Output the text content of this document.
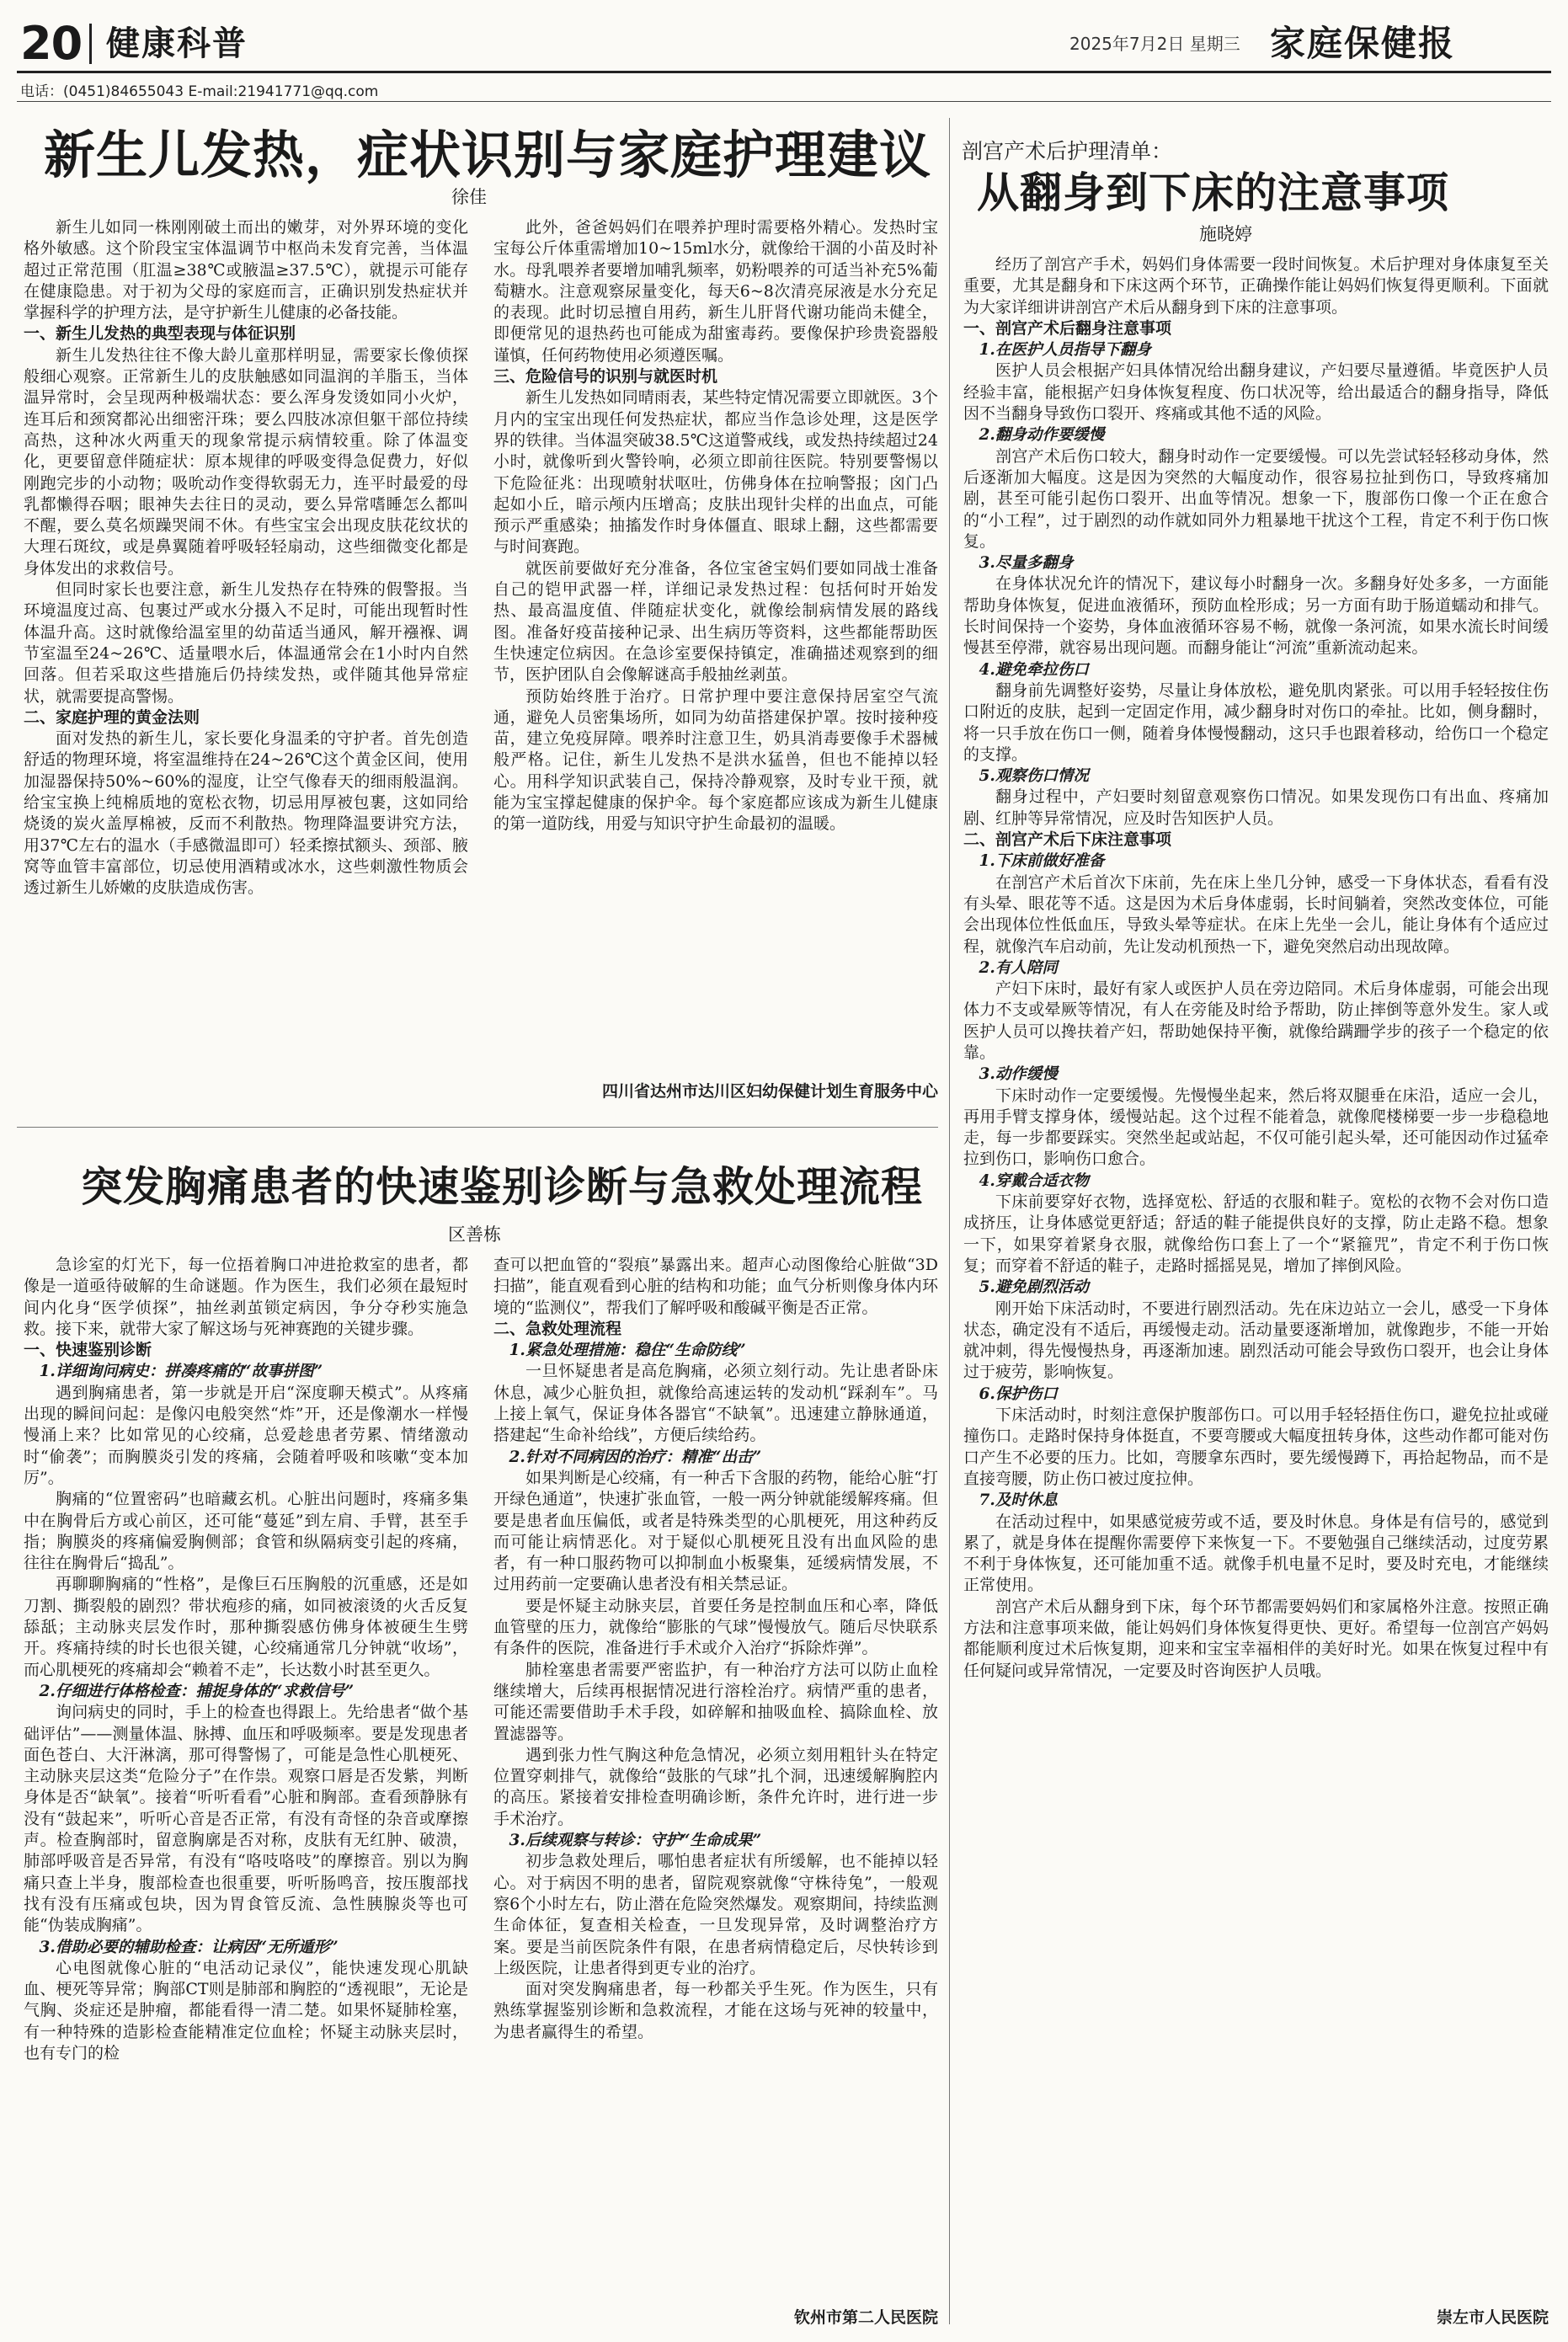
20 健康科普	2025年7月2日 星期三 家庭保健报
电话：(0451)84655043 E-mail:21941771@qq.com
新生儿发热，症状识别与家庭护理建议
徐佳

新生儿如同一株刚刚破土而出的嫩芽，对外界环境的变化格外敏感。这个阶段宝宝体温调节中枢尚未发育完善，当体温超过正常范围（肛温≥38℃或腋温≥37.5℃），就提示可能存在健康隐患。对于初为父母的家庭而言，正确识别发热症状并掌握科学的护理方法，是守护新生儿健康的必备技能。

一、新生儿发热的典型表现与体征识别

新生儿发热往往不像大龄儿童那样明显，需要家长像侦探般细心观察。正常新生儿的皮肤触感如同温润的羊脂玉，当体温异常时，会呈现两种极端状态：要么浑身发烫如同小火炉，连耳后和颈窝都沁出细密汗珠；要么四肢冰凉但躯干部位持续高热，这种冰火两重天的现象常提示病情较重。除了体温变化，更要留意伴随症状：原本规律的呼吸变得急促费力，好似刚跑完步的小动物；吸吮动作变得软弱无力，连平时最爱的母乳都懒得吞咽；眼神失去往日的灵动，要么异常嗜睡怎么都叫不醒，要么莫名烦躁哭闹不休。有些宝宝会出现皮肤花纹状的大理石斑纹，或是鼻翼随着呼吸轻轻扇动，这些细微变化都是身体发出的求救信号。

但同时家长也要注意，新生儿发热存在特殊的假警报。当环境温度过高、包裹过严或水分摄入不足时，可能出现暂时性体温升高。这时就像给温室里的幼苗适当通风，解开襁褓、调节室温至24~26℃、适量喂水后，体温通常会在1小时内自然回落。但若采取这些措施后仍持续发热，或伴随其他异常症状，就需要提高警惕。

二、家庭护理的黄金法则

面对发热的新生儿，家长要化身温柔的守护者。首先创造舒适的物理环境，将室温维持在24~26℃这个黄金区间，使用加湿器保持50%~60%的湿度，让空气像春天的细雨般温润。给宝宝换上纯棉质地的宽松衣物，切忌用厚被包裹，这如同给烧烫的炭火盖厚棉被，反而不利散热。物理降温要讲究方法，用37℃左右的温水（手感微温即可）轻柔擦拭额头、颈部、腋窝等血管丰富部位，切忌使用酒精或冰水，这些刺激性物质会透过新生儿娇嫩的皮肤造成伤害。

此外，爸爸妈妈们在喂养护理时需要格外精心。发热时宝宝每公斤体重需增加10~15ml水分，就像给干涸的小苗及时补水。母乳喂养者要增加哺乳频率，奶粉喂养的可适当补充5%葡萄糖水。注意观察尿量变化，每天6~8次清亮尿液是水分充足的表现。此时切忌擅自用药，新生儿肝肾代谢功能尚未健全，即便常见的退热药也可能成为甜蜜毒药。要像保护珍贵瓷器般谨慎，任何药物使用必须遵医嘱。

三、危险信号的识别与就医时机

新生儿发热如同晴雨表，某些特定情况需要立即就医。3个月内的宝宝出现任何发热症状，都应当作急诊处理，这是医学界的铁律。当体温突破38.5℃这道警戒线，或发热持续超过24小时，就像听到火警铃响，必须立即前往医院。特别要警惕以下危险征兆：出现喷射状呕吐，仿佛身体在拉响警报；囟门凸起如小丘，暗示颅内压增高；皮肤出现针尖样的出血点，可能预示严重感染；抽搐发作时身体僵直、眼球上翻，这些都需要与时间赛跑。

就医前要做好充分准备，各位宝爸宝妈们要如同战士准备自己的铠甲武器一样，详细记录发热过程：包括何时开始发热、最高温度值、伴随症状变化，就像绘制病情发展的路线图。准备好疫苗接种记录、出生病历等资料，这些都能帮助医生快速定位病因。在急诊室要保持镇定，准确描述观察到的细节，医护团队自会像解谜高手般抽丝剥茧。

预防始终胜于治疗。日常护理中要注意保持居室空气流通，避免人员密集场所，如同为幼苗搭建保护罩。按时接种疫苗，建立免疫屏障。喂养时注意卫生，奶具消毒要像手术器械般严格。记住，新生儿发热不是洪水猛兽，但也不能掉以轻心。用科学知识武装自己，保持冷静观察，及时专业干预，就能为宝宝撑起健康的保护伞。每个家庭都应该成为新生儿健康的第一道防线，用爱与知识守护生命最初的温暖。

四川省达州市达川区妇幼保健计划生育服务中心
突发胸痛患者的快速鉴别诊断与急救处理流程
区善栋

急诊室的灯光下，每一位捂着胸口冲进抢救室的患者，都像是一道亟待破解的生命谜题。作为医生，我们必须在最短时间内化身“医学侦探”，抽丝剥茧锁定病因，争分夺秒实施急救。接下来，就带大家了解这场与死神赛跑的关键步骤。

一、快速鉴别诊断
1.详细询问病史：拼凑疼痛的“故事拼图”

遇到胸痛患者，第一步就是开启“深度聊天模式”。从疼痛出现的瞬间问起：是像闪电般突然“炸”开，还是像潮水一样慢慢涌上来？比如常见的心绞痛，总爱趁患者劳累、情绪激动时“偷袭”；而胸膜炎引发的疼痛，会随着呼吸和咳嗽“变本加厉”。

胸痛的“位置密码”也暗藏玄机。心脏出问题时，疼痛多集中在胸骨后方或心前区，还可能“蔓延”到左肩、手臂，甚至手指；胸膜炎的疼痛偏爱胸侧部；食管和纵隔病变引起的疼痛，往往在胸骨后“捣乱”。

再聊聊胸痛的“性格”，是像巨石压胸般的沉重感，还是如刀割、撕裂般的剧烈？带状疱疹的痛，如同被滚烫的火舌反复舔舐；主动脉夹层发作时，那种撕裂感仿佛身体被硬生生劈开。疼痛持续的时长也很关键，心绞痛通常几分钟就“收场”，而心肌梗死的疼痛却会“赖着不走”，长达数小时甚至更久。

2.仔细进行体格检查：捕捉身体的“求救信号”

询问病史的同时，手上的检查也得跟上。先给患者“做个基础评估”——测量体温、脉搏、血压和呼吸频率。要是发现患者面色苍白、大汗淋漓，那可得警惕了，可能是急性心肌梗死、主动脉夹层这类“危险分子”在作祟。观察口唇是否发紫，判断身体是否“缺氧”。接着“听听看看”心脏和胸部。查看颈静脉有没有“鼓起来”，听听心音是否正常，有没有奇怪的杂音或摩擦声。检查胸部时，留意胸廓是否对称，皮肤有无红肿、破溃，肺部呼吸音是否异常，有没有“咯吱咯吱”的摩擦音。别以为胸痛只查上半身，腹部检查也很重要，听听肠鸣音，按压腹部找找有没有压痛或包块，因为胃食管反流、急性胰腺炎等也可能“伪装成胸痛”。

3.借助必要的辅助检查：让病因“无所遁形”

心电图就像心脏的“电活动记录仪”，能快速发现心肌缺血、梗死等异常；胸部CT则是肺部和胸腔的“透视眼”，无论是气胸、炎症还是肿瘤，都能看得一清二楚。如果怀疑肺栓塞，有一种特殊的造影检查能精准定位血栓；怀疑主动脉夹层时，也有专门的检

查可以把血管的“裂痕”暴露出来。超声心动图像给心脏做“3D扫描”，能直观看到心脏的结构和功能；血气分析则像身体内环境的“监测仪”，帮我们了解呼吸和酸碱平衡是否正常。

二、急救处理流程
1.紧急处理措施：稳住“生命防线”

一旦怀疑患者是高危胸痛，必须立刻行动。先让患者卧床休息，减少心脏负担，就像给高速运转的发动机“踩刹车”。马上接上氧气，保证身体各器官“不缺氧”。迅速建立静脉通道，搭建起“生命补给线”，方便后续给药。

2.针对不同病因的治疗：精准“出击”

如果判断是心绞痛，有一种舌下含服的药物，能给心脏“打开绿色通道”，快速扩张血管，一般一两分钟就能缓解疼痛。但要是患者血压偏低，或者是特殊类型的心肌梗死，用这种药反而可能让病情恶化。对于疑似心肌梗死且没有出血风险的患者，有一种口服药物可以抑制血小板聚集，延缓病情发展，不过用药前一定要确认患者没有相关禁忌证。

要是怀疑主动脉夹层，首要任务是控制血压和心率，降低血管壁的压力，就像给“膨胀的气球”慢慢放气。随后尽快联系有条件的医院，准备进行手术或介入治疗“拆除炸弹”。

肺栓塞患者需要严密监护，有一种治疗方法可以防止血栓继续增大，后续再根据情况进行溶栓治疗。病情严重的患者，可能还需要借助手术手段，如碎解和抽吸血栓、搞除血栓、放置滤器等。

遇到张力性气胸这种危急情况，必须立刻用粗针头在特定位置穿刺排气，就像给“鼓胀的气球”扎个洞，迅速缓解胸腔内的高压。紧接着安排检查明确诊断，条件允许时，进行进一步手术治疗。

3.后续观察与转诊：守护“生命成果”

初步急救处理后，哪怕患者症状有所缓解，也不能掉以轻心。对于病因不明的患者，留院观察就像“守株待兔”，一般观察6个小时左右，防止潜在危险突然爆发。观察期间，持续监测生命体征，复查相关检查，一旦发现异常，及时调整治疗方案。要是当前医院条件有限，在患者病情稳定后，尽快转诊到上级医院，让患者得到更专业的治疗。

面对突发胸痛患者，每一秒都关乎生死。作为医生，只有熟练掌握鉴别诊断和急救流程，才能在这场与死神的较量中，为患者赢得生的希望。

钦州市第二人民医院
剖宫产术后护理清单：
从翻身到下床的注意事项
施晓婷

经历了剖宫产手术，妈妈们身体需要一段时间恢复。术后护理对身体康复至关重要，尤其是翻身和下床这两个环节，正确操作能让妈妈们恢复得更顺利。下面就为大家详细讲讲剖宫产术后从翻身到下床的注意事项。

一、剖宫产术后翻身注意事项
1.在医护人员指导下翻身

医护人员会根据产妇具体情况给出翻身建议，产妇要尽量遵循。毕竟医护人员经验丰富，能根据产妇身体恢复程度、伤口状况等，给出最适合的翻身指导，降低因不当翻身导致伤口裂开、疼痛或其他不适的风险。

2.翻身动作要缓慢

剖宫产术后伤口较大，翻身时动作一定要缓慢。可以先尝试轻轻移动身体，然后逐渐加大幅度。这是因为突然的大幅度动作，很容易拉扯到伤口，导致疼痛加剧，甚至可能引起伤口裂开、出血等情况。想象一下，腹部伤口像一个正在愈合的“小工程”，过于剧烈的动作就如同外力粗暴地干扰这个工程，肯定不利于伤口恢复。

3.尽量多翻身

在身体状况允许的情况下，建议每小时翻身一次。多翻身好处多多，一方面能帮助身体恢复，促进血液循环，预防血栓形成；另一方面有助于肠道蠕动和排气。长时间保持一个姿势，身体血液循环容易不畅，就像一条河流，如果水流长时间缓慢甚至停滞，就容易出现问题。而翻身能让“河流”重新流动起来。

4.避免牵拉伤口

翻身前先调整好姿势，尽量让身体放松，避免肌肉紧张。可以用手轻轻按住伤口附近的皮肤，起到一定固定作用，减少翻身时对伤口的牵扯。比如，侧身翻时，将一只手放在伤口一侧，随着身体慢慢翻动，这只手也跟着移动，给伤口一个稳定的支撑。

5.观察伤口情况

翻身过程中，产妇要时刻留意观察伤口情况。如果发现伤口有出血、疼痛加剧、红肿等异常情况，应及时告知医护人员。

二、剖宫产术后下床注意事项
1.下床前做好准备

在剖宫产术后首次下床前，先在床上坐几分钟，感受一下身体状态，看看有没有头晕、眼花等不适。这是因为术后身体虚弱，长时间躺着，突然改变体位，可能会出现体位性低血压，导致头晕等症状。在床上先坐一会儿，能让身体有个适应过程，就像汽车启动前，先让发动机预热一下，避免突然启动出现故障。

2.有人陪同

产妇下床时，最好有家人或医护人员在旁边陪同。术后身体虚弱，可能会出现体力不支或晕厥等情况，有人在旁能及时给予帮助，防止摔倒等意外发生。家人或医护人员可以搀扶着产妇，帮助她保持平衡，就像给蹒跚学步的孩子一个稳定的依靠。

3.动作缓慢

下床时动作一定要缓慢。先慢慢坐起来，然后将双腿垂在床沿，适应一会儿，再用手臂支撑身体，缓慢站起。这个过程不能着急，就像爬楼梯要一步一步稳稳地走，每一步都要踩实。突然坐起或站起，不仅可能引起头晕，还可能因动作过猛牵拉到伤口，影响伤口愈合。

4.穿戴合适衣物

下床前要穿好衣物，选择宽松、舒适的衣服和鞋子。宽松的衣物不会对伤口造成挤压，让身体感觉更舒适；舒适的鞋子能提供良好的支撑，防止走路不稳。想象一下，如果穿着紧身衣服，就像给伤口套上了一个“紧箍咒”，肯定不利于伤口恢复；而穿着不舒适的鞋子，走路时摇摇晃晃，增加了摔倒风险。

5.避免剧烈活动

刚开始下床活动时，不要进行剧烈活动。先在床边站立一会儿，感受一下身体状态，确定没有不适后，再缓慢走动。活动量要逐渐增加，就像跑步，不能一开始就冲刺，得先慢慢热身，再逐渐加速。剧烈活动可能会导致伤口裂开，也会让身体过于疲劳，影响恢复。

6.保护伤口

下床活动时，时刻注意保护腹部伤口。可以用手轻轻捂住伤口，避免拉扯或碰撞伤口。走路时保持身体挺直，不要弯腰或大幅度扭转身体，这些动作都可能对伤口产生不必要的压力。比如，弯腰拿东西时，要先缓慢蹲下，再拾起物品，而不是直接弯腰，防止伤口被过度拉伸。

7.及时休息

在活动过程中，如果感觉疲劳或不适，要及时休息。身体是有信号的，感觉到累了，就是身体在提醒你需要停下来恢复一下。不要勉强自己继续活动，过度劳累不利于身体恢复，还可能加重不适。就像手机电量不足时，要及时充电，才能继续正常使用。

剖宫产术后从翻身到下床，每个环节都需要妈妈们和家属格外注意。按照正确方法和注意事项来做，能让妈妈们身体恢复得更快、更好。希望每一位剖宫产妈妈都能顺利度过术后恢复期，迎来和宝宝幸福相伴的美好时光。如果在恢复过程中有任何疑问或异常情况，一定要及时咨询医护人员哦。

崇左市人民医院
